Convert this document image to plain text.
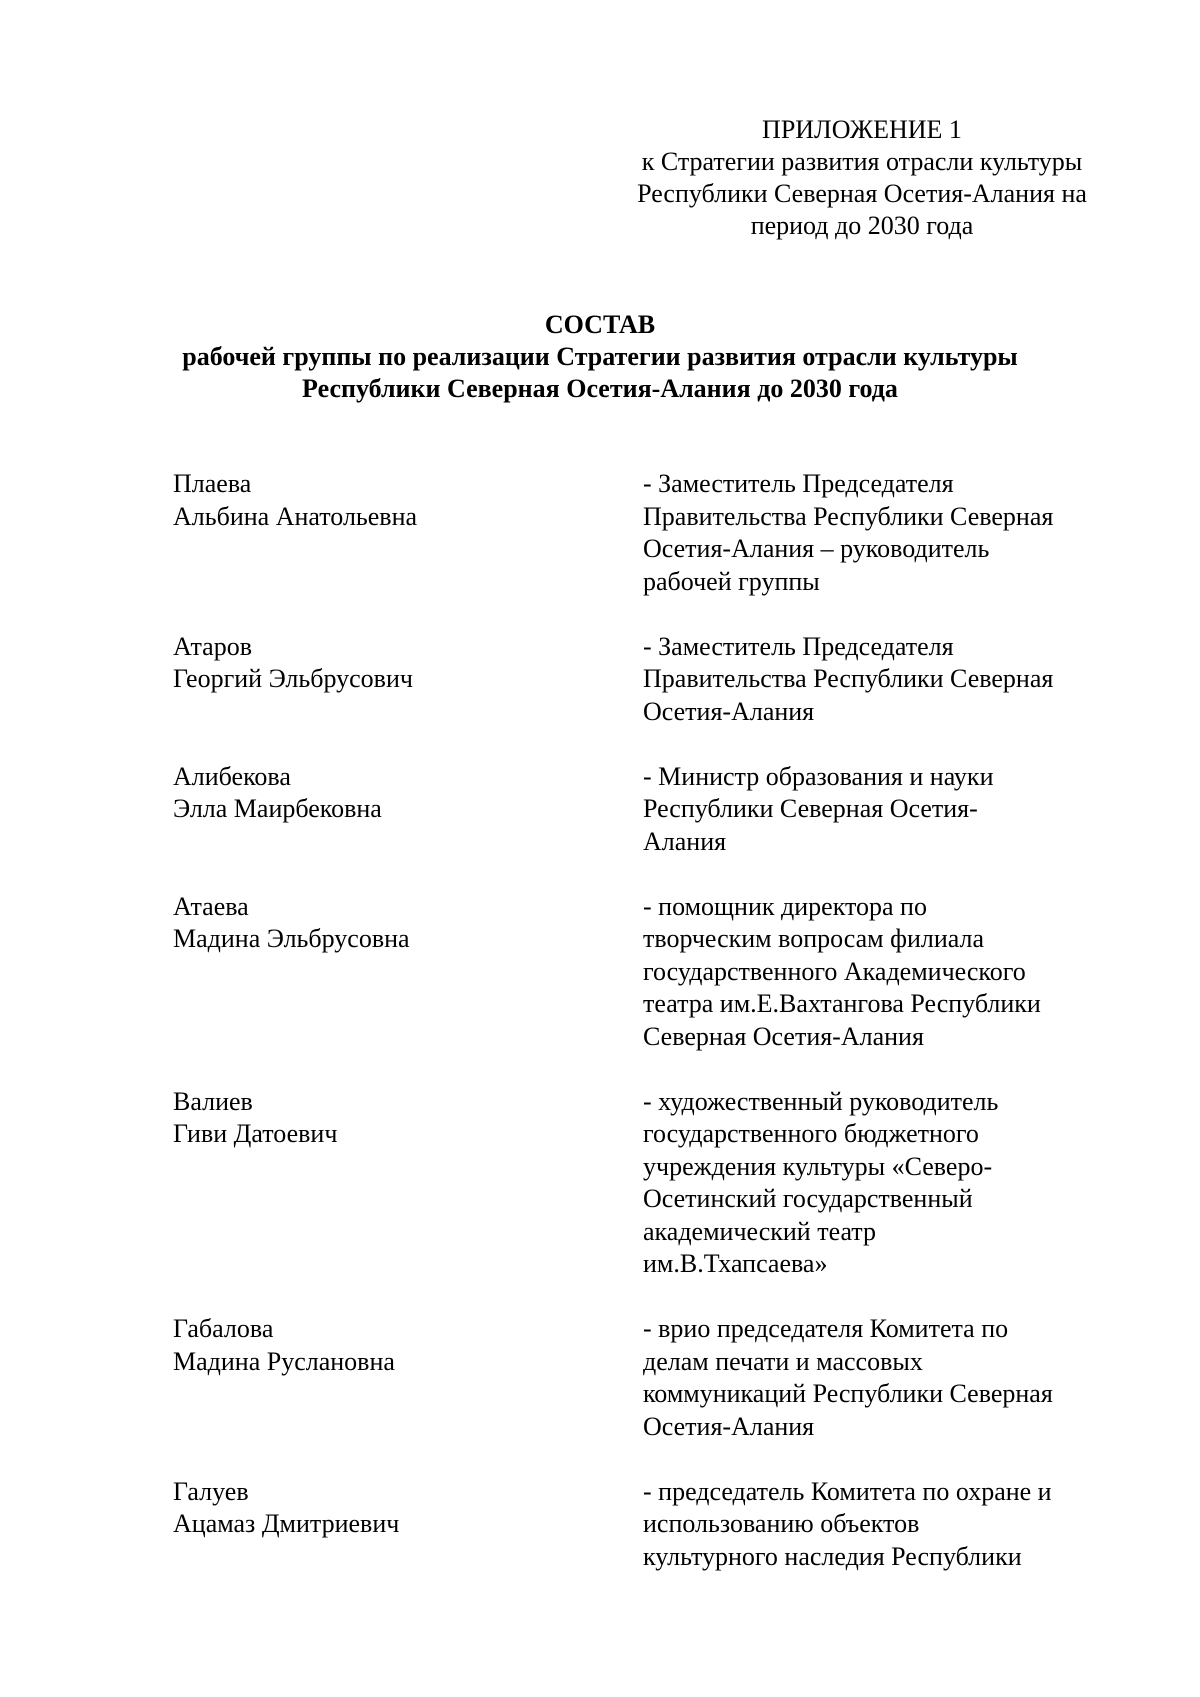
ПРИЛОЖЕНИЕ 1
к Стратегии развития отрасли культуры
Республики Северная Осетия-Алания на
период до 2030 года
СОСТАВ
рабочей группы по реализации Стратегии развития отрасли культуры
Республики Северная Осетия-Алания до 2030 года
Плаева
Альбина Анатольевна
- Заместитель Председателя
Правительства Республики Северная
Осетия-Алания – руководитель
рабочей группы
Атаров
Георгий Эльбрусович
- Заместитель Председателя
Правительства Республики Северная
Осетия-Алания
Алибекова
Элла Маирбековна
- Министр образования и науки
Республики Северная Осетия-
Алания
Атаева
Мадина Эльбрусовна
- помощник директора по
творческим вопросам филиала
государственного Академического
театра им.Е.Вахтангова Республики
Северная Осетия-Алания
Валиев
Гиви Датоевич
- художественный руководитель
государственного бюджетного
учреждения культуры «Северо-
Осетинский государственный
академический театр
им.В.Тхапсаева»
Габалова
Мадина Руслановна
- врио председателя Комитета по
делам печати и массовых
коммуникаций Республики Северная
Осетия-Алания
Галуев
Ацамаз Дмитриевич
- председатель Комитета по охране и
использованию объектов
культурного наследия Республики
